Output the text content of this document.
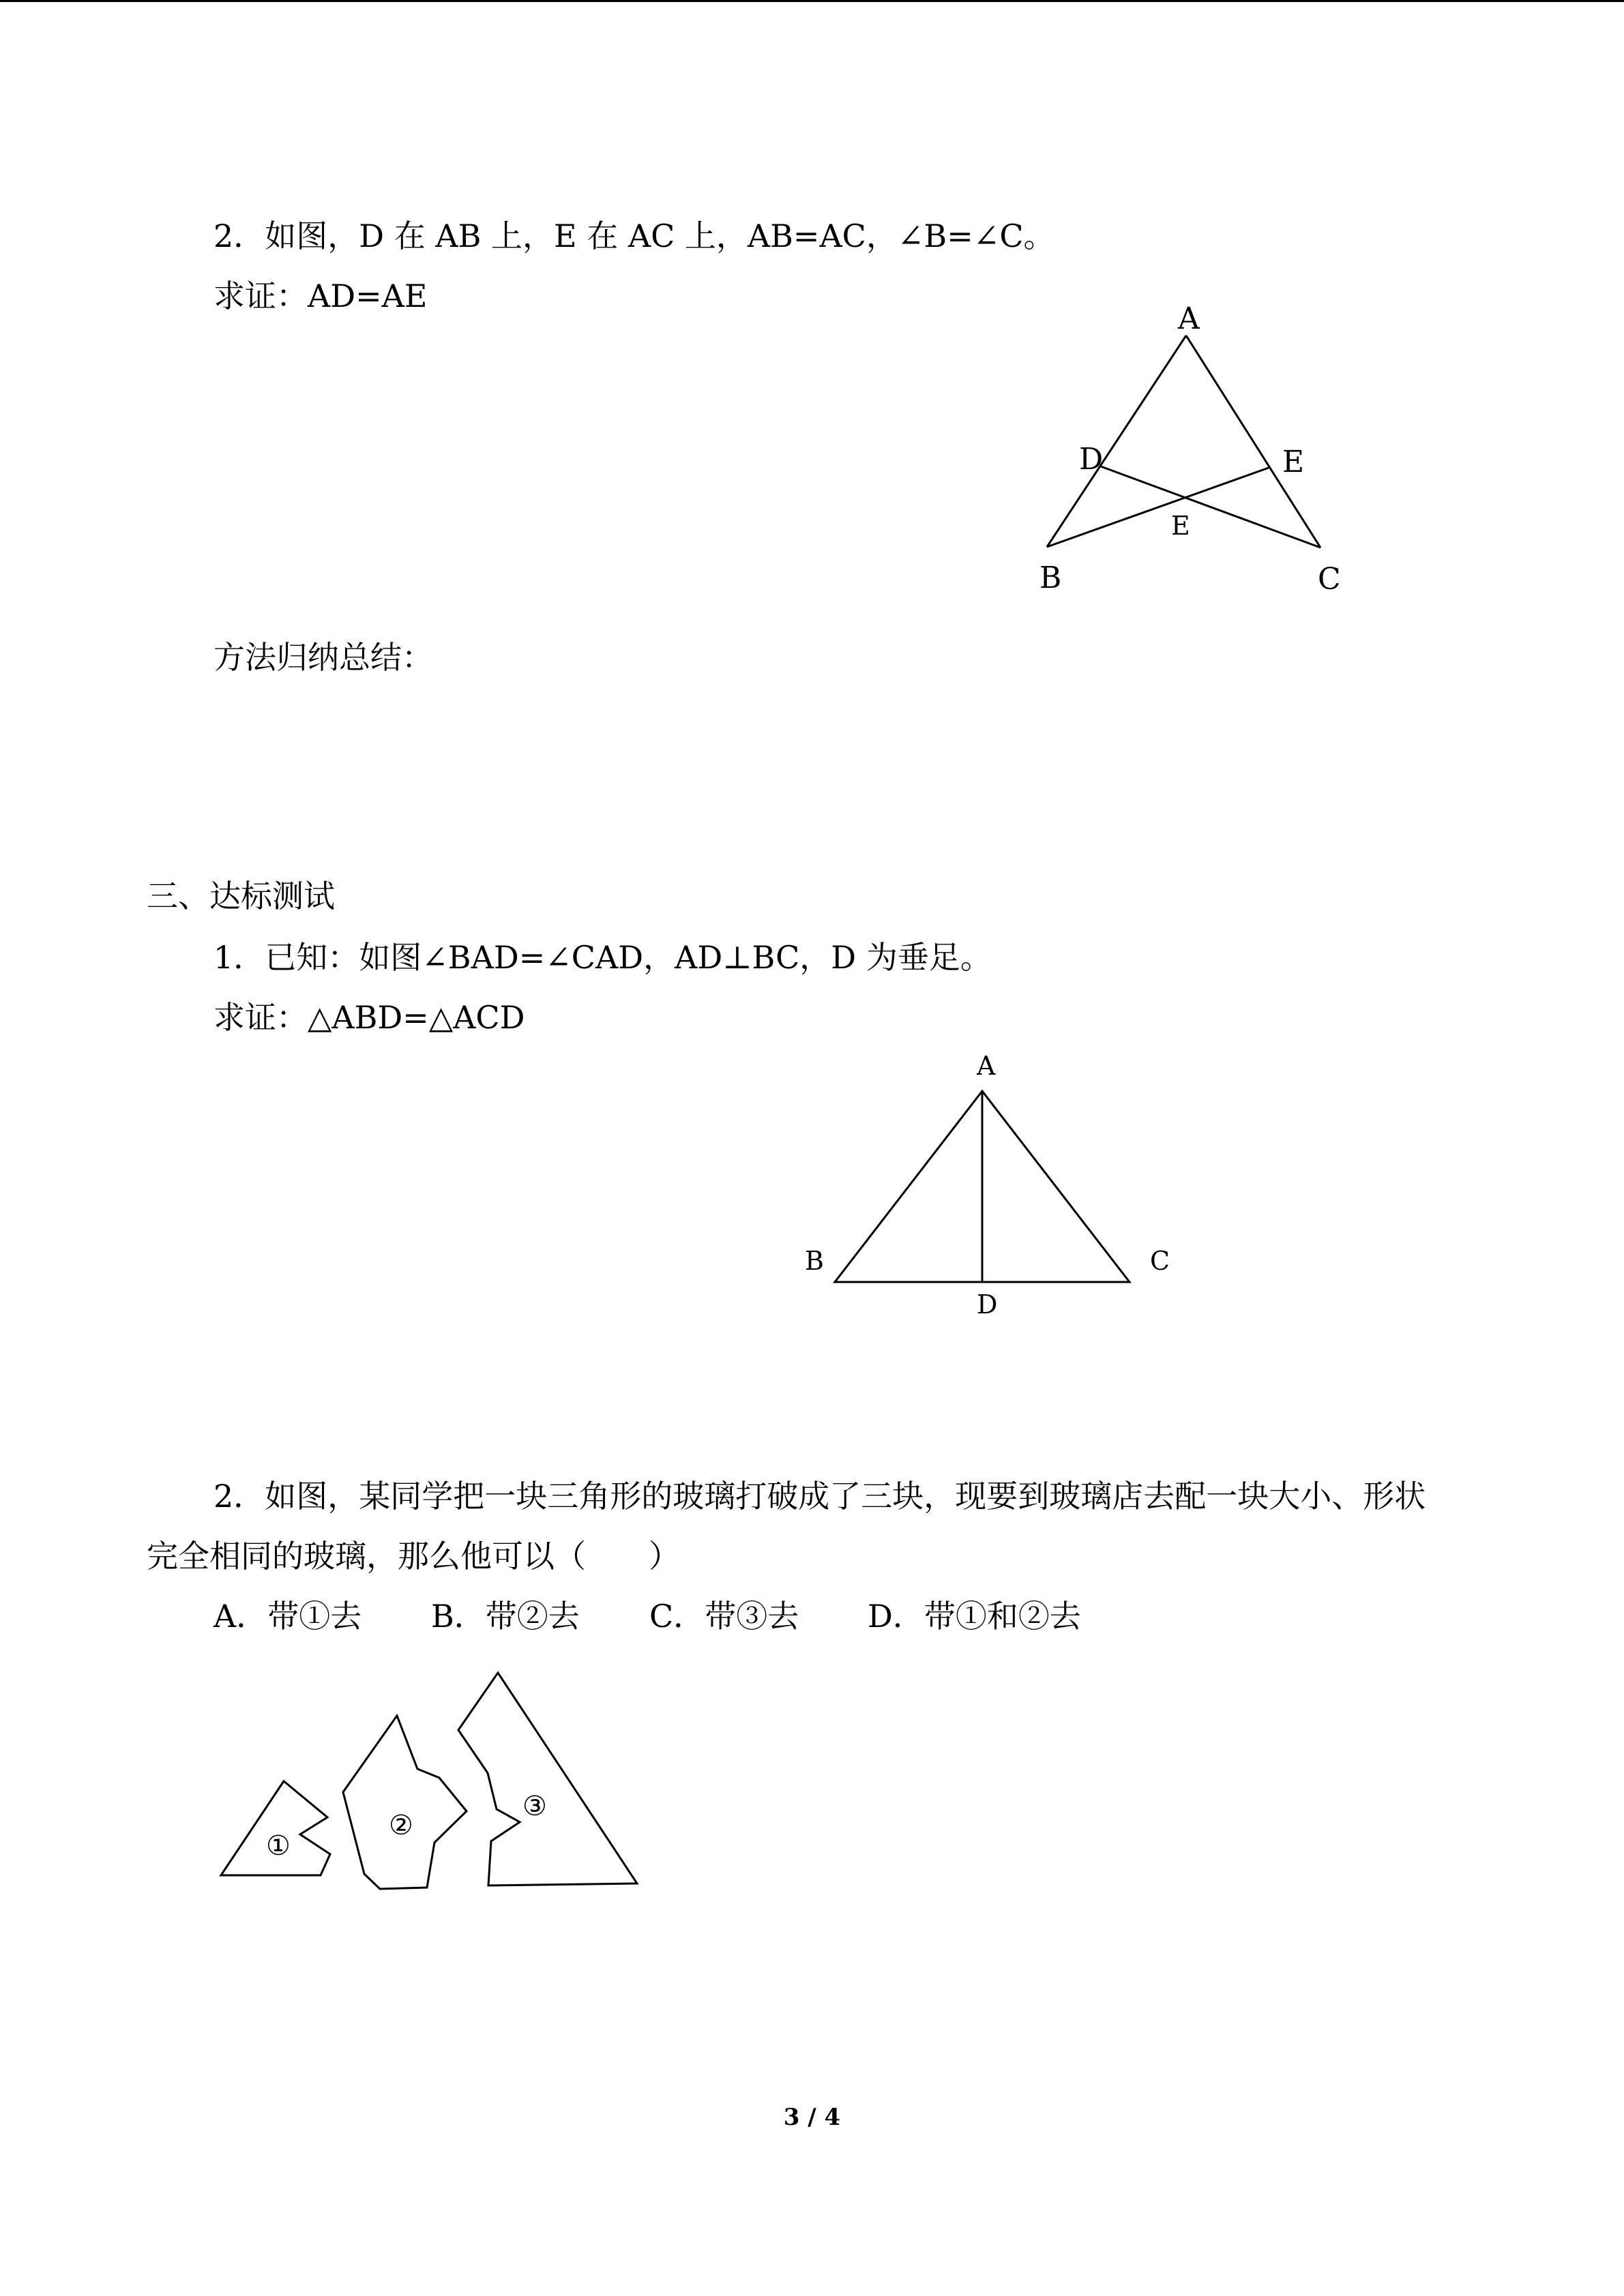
2．如图，D 在 AB 上，E 在 AC 上，AB=AC，∠B=∠C。
求证：AD=AE
A
D	E
E
B	C
方法归纳总结：
三、达标测试
1．已知：如图∠BAD=∠CAD，AD⊥BC，D 为垂足。
求证：△ABD=△ACD
A
B	C
D
2．如图，某同学把一块三角形的玻璃打破成了三块，现要到玻璃店去配一块大小、形状
完全相同的玻璃，那么他可以（　　）
A．带①去 B．带②去 C．带③去 D．带①和②去
①
②
③
3 / 4
